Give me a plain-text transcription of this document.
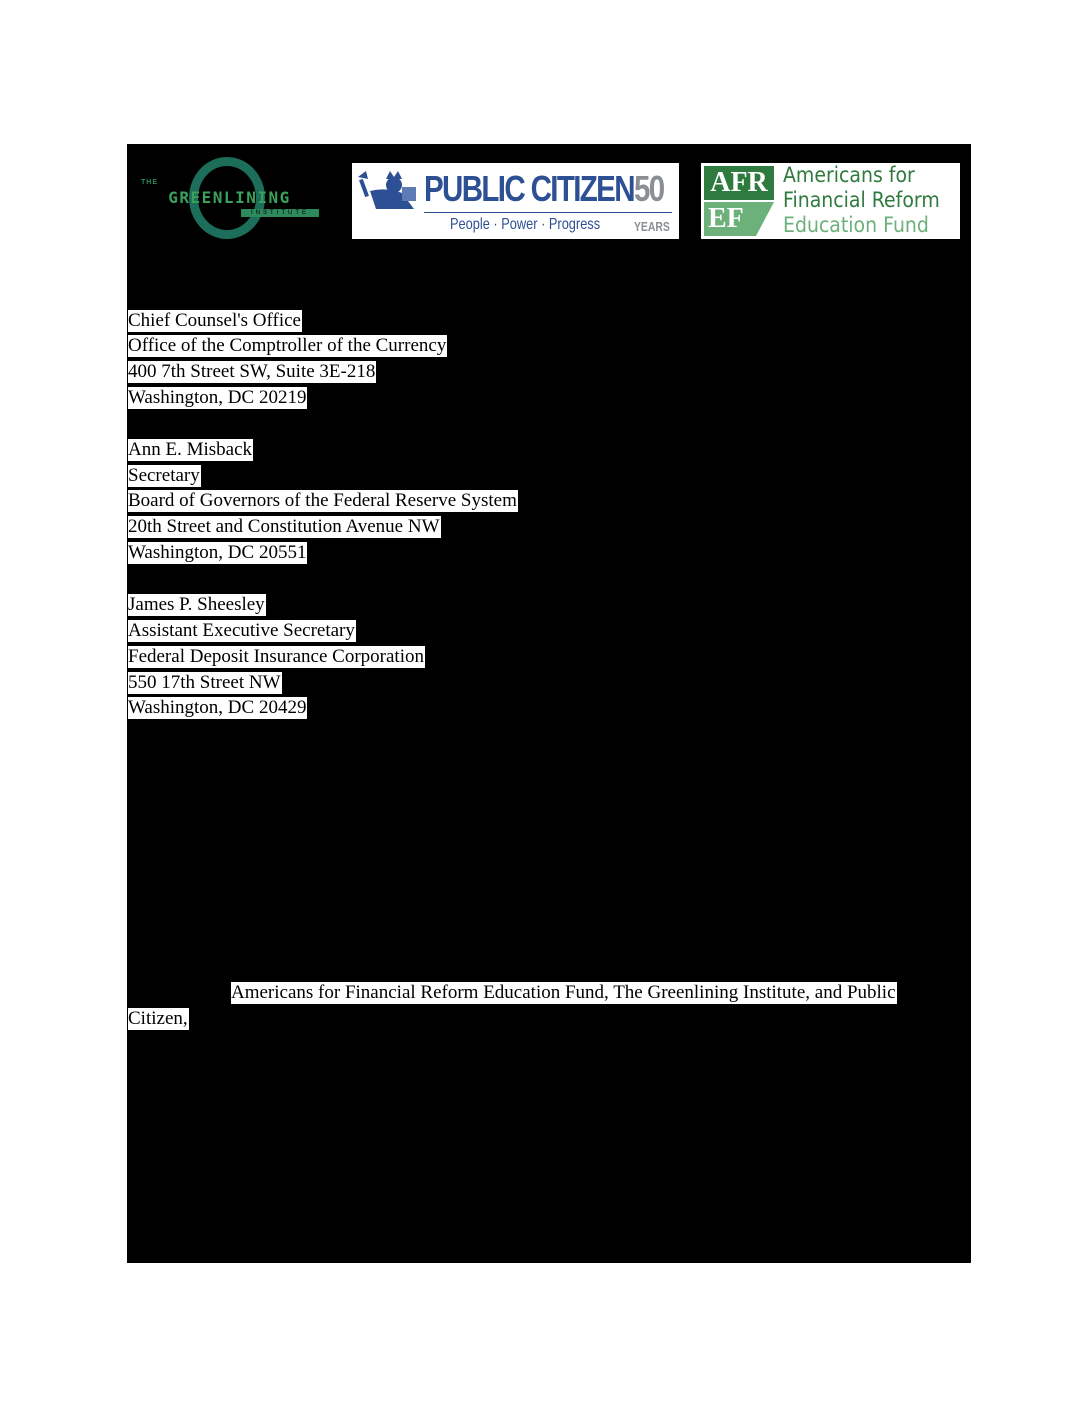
THE
GREENLINING
INSTITUTE
PUBLIC CITIZEN 50
People · Power · Progress	YEARS
AFR
EF
Americans for
Financial Reform
Education Fund
Chief Counsel's Office
Office of the Comptroller of the Currency
400 7th Street SW, Suite 3E-218
Washington, DC 20219
Ann E. Misback
Secretary
Board of Governors of the Federal Reserve System
20th Street and Constitution Avenue NW
Washington, DC 20551
James P. Sheesley
Assistant Executive Secretary
Federal Deposit Insurance Corporation
550 17th Street NW
Washington, DC 20429
Americans for Financial Reform Education Fund, The Greenlining Institute, and Public
Citizen,
